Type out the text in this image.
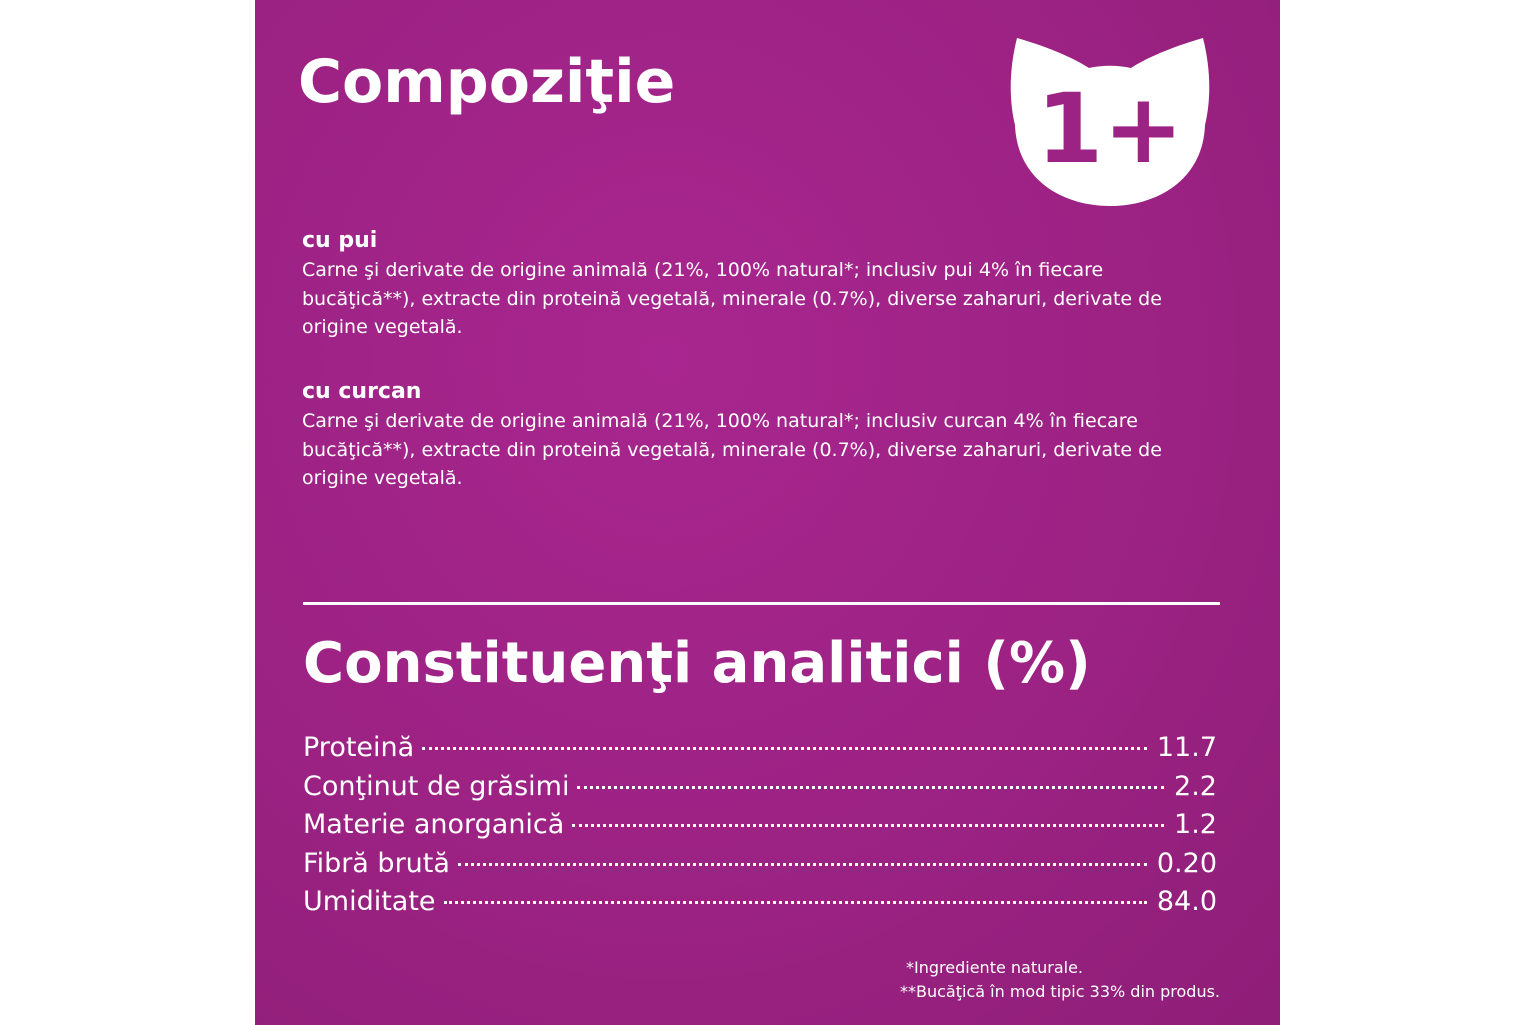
Compoziţie	1+

cu pui

Carne şi derivate de origine animală (21%, 100% natural*; inclusiv pui 4% în fiecare bucăţică**), extracte din proteină vegetală, minerale (0.7%), diverse zaharuri, derivate de origine vegetală.

cu curcan

Carne şi derivate de origine animală (21%, 100% natural*; inclusiv curcan 4% în fiecare bucăţică**), extracte din proteină vegetală, minerale (0.7%), diverse zaharuri, derivate de origine vegetală.

Constituenţi analitici (%)
Proteină	11.7
Conţinut de grăsimi	2.2
Materie anorganică	1.2
Fibră brută	0.20
Umiditate	84.0
*Ingrediente naturale.
**Bucăţică în mod tipic 33% din produs.
